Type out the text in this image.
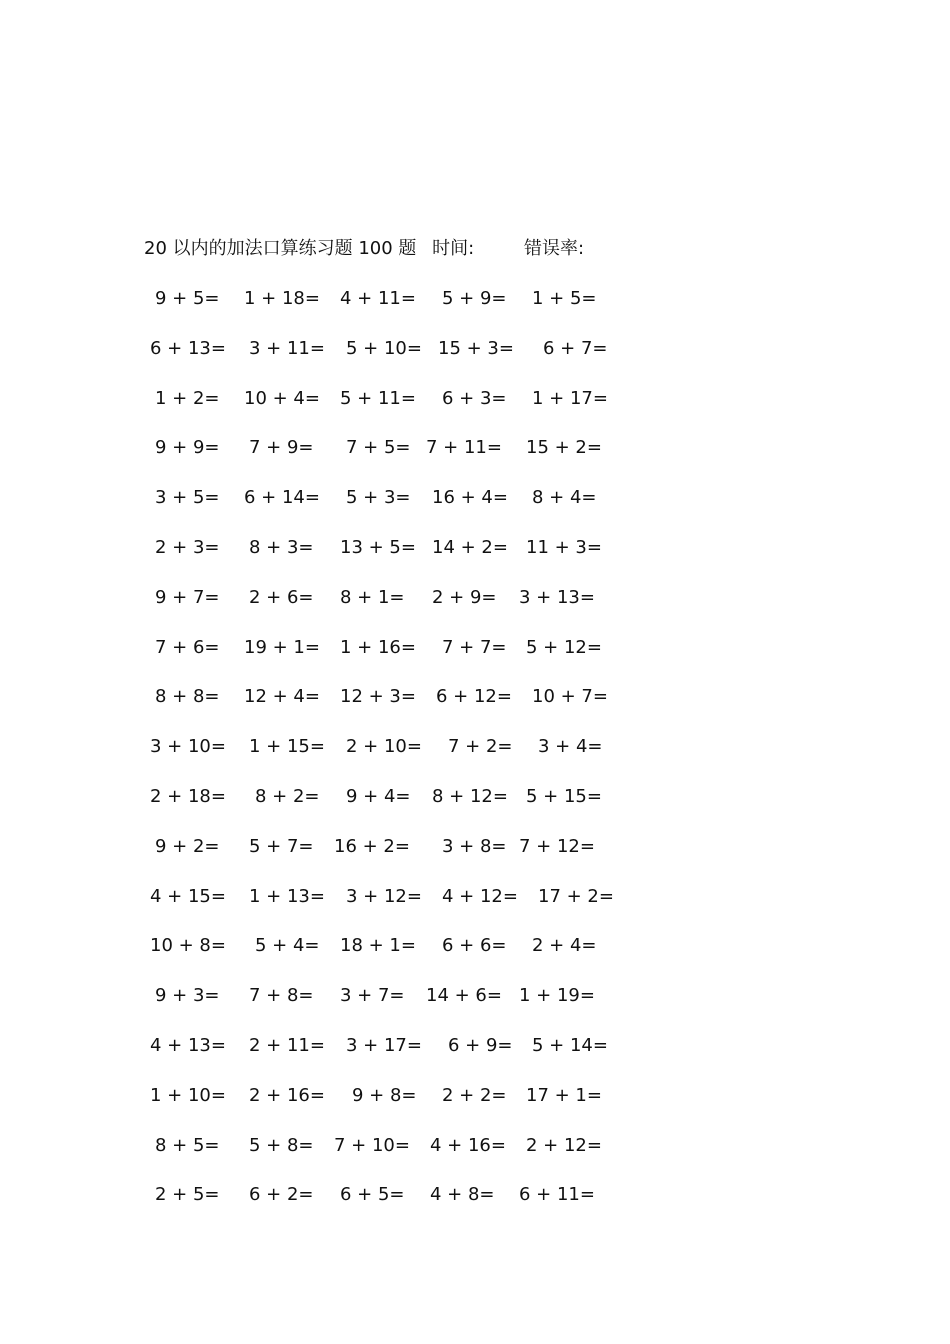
20 以内的加法口算练习题 100 题 时间:	错误率:
9 + 5= 1 + 18= 4 + 11= 5 + 9= 1 + 5=
6 + 13= 3 + 11= 5 + 10= 15 + 3= 6 + 7=
1 + 2= 10 + 4= 5 + 11= 6 + 3= 1 + 17=
9 + 9= 7 + 9= 7 + 5= 7 + 11= 15 + 2=
3 + 5= 6 + 14= 5 + 3= 16 + 4= 8 + 4=
2 + 3= 8 + 3= 13 + 5= 14 + 2= 11 + 3=
9 + 7= 2 + 6= 8 + 1= 2 + 9= 3 + 13=
7 + 6= 19 + 1= 1 + 16= 7 + 7= 5 + 12=
8 + 8= 12 + 4= 12 + 3= 6 + 12= 10 + 7=
3 + 10= 1 + 15= 2 + 10= 7 + 2= 3 + 4=
2 + 18= 8 + 2= 9 + 4= 8 + 12= 5 + 15=
9 + 2= 5 + 7= 16 + 2= 3 + 8= 7 + 12=
4 + 15= 1 + 13= 3 + 12= 4 + 12= 17 + 2=
10 + 8= 5 + 4= 18 + 1= 6 + 6= 2 + 4=
9 + 3= 7 + 8= 3 + 7= 14 + 6= 1 + 19=
4 + 13= 2 + 11= 3 + 17= 6 + 9= 5 + 14=
1 + 10= 2 + 16= 9 + 8= 2 + 2= 17 + 1=
8 + 5= 5 + 8= 7 + 10= 4 + 16= 2 + 12=
2 + 5= 6 + 2= 6 + 5= 4 + 8= 6 + 11=
